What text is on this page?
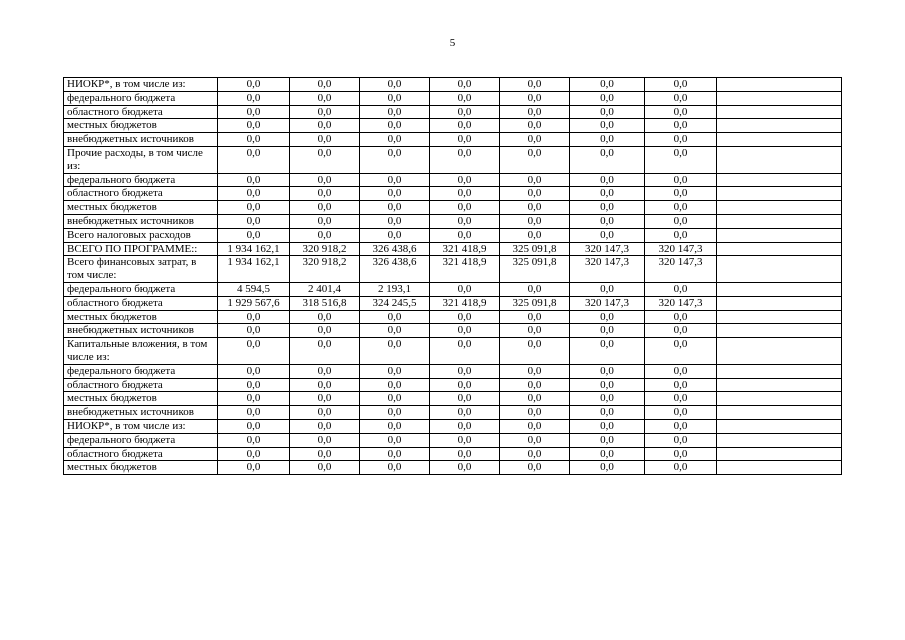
5
НИОКР*, в том числе из:	0,0	0,0	0,0	0,0	0,0	0,0	0,0	
федерального бюджета	0,0	0,0	0,0	0,0	0,0	0,0	0,0	
областного бюджета	0,0	0,0	0,0	0,0	0,0	0,0	0,0	
местных бюджетов	0,0	0,0	0,0	0,0	0,0	0,0	0,0	
внебюджетных источников	0,0	0,0	0,0	0,0	0,0	0,0	0,0	
Прочие расходы, в том числе из:	0,0	0,0	0,0	0,0	0,0	0,0	0,0	
федерального бюджета	0,0	0,0	0,0	0,0	0,0	0,0	0,0	
областного бюджета	0,0	0,0	0,0	0,0	0,0	0,0	0,0	
местных бюджетов	0,0	0,0	0,0	0,0	0,0	0,0	0,0	
внебюджетных источников	0,0	0,0	0,0	0,0	0,0	0,0	0,0	
Всего налоговых расходов	0,0	0,0	0,0	0,0	0,0	0,0	0,0	
ВСЕГО ПО ПРОГРАММЕ::	1 934 162,1	320 918,2	326 438,6	321 418,9	325 091,8	320 147,3	320 147,3	
Всего финансовых затрат, в том числе:	1 934 162,1	320 918,2	326 438,6	321 418,9	325 091,8	320 147,3	320 147,3	
федерального бюджета	4 594,5	2 401,4	2 193,1	0,0	0,0	0,0	0,0	
областного бюджета	1 929 567,6	318 516,8	324 245,5	321 418,9	325 091,8	320 147,3	320 147,3	
местных бюджетов	0,0	0,0	0,0	0,0	0,0	0,0	0,0	
внебюджетных источников	0,0	0,0	0,0	0,0	0,0	0,0	0,0	
Капитальные вложения, в том числе из:	0,0	0,0	0,0	0,0	0,0	0,0	0,0	
федерального бюджета	0,0	0,0	0,0	0,0	0,0	0,0	0,0	
областного бюджета	0,0	0,0	0,0	0,0	0,0	0,0	0,0	
местных бюджетов	0,0	0,0	0,0	0,0	0,0	0,0	0,0	
внебюджетных источников	0,0	0,0	0,0	0,0	0,0	0,0	0,0	
НИОКР*, в том числе из:	0,0	0,0	0,0	0,0	0,0	0,0	0,0	
федерального бюджета	0,0	0,0	0,0	0,0	0,0	0,0	0,0	
областного бюджета	0,0	0,0	0,0	0,0	0,0	0,0	0,0	
местных бюджетов	0,0	0,0	0,0	0,0	0,0	0,0	0,0	
